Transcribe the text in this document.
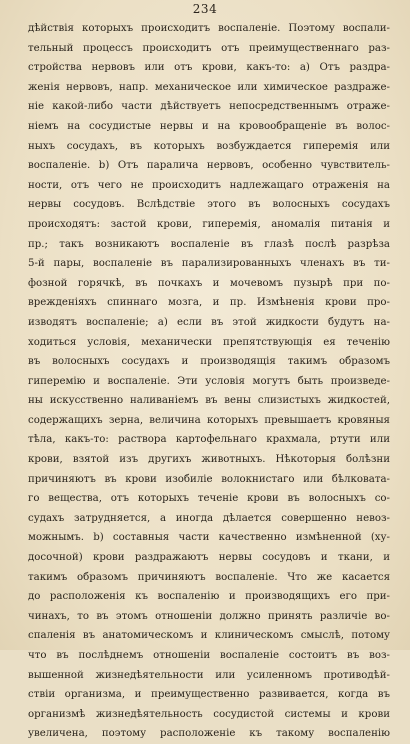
234
дѣйствія которыхъ происходитъ воспаленіе. Поэтому воспали-
тельный процессъ происходитъ отъ преимущественнаго раз-
стройства нервовъ или отъ крови, какъ-то: а) Отъ раздра-
женія нервовъ, напр. механическое или химическое раздраже-
ніе какой-либо части дѣйствуетъ непосредственнымъ отраже-
ніемъ на сосудистые нервы и на кровообращеніе въ волос-
ныхъ сосудахъ, въ которыхъ возбуждается гиперемія или
воспаленіе. b) Отъ паралича нервовъ, особенно чувствитель-
ности, отъ чего не происходитъ надлежащаго отраженія на
нервы сосудовъ. Вслѣдствіе этого въ волосныхъ сосудахъ
происходятъ: застой крови, гиперемія, аномалія питанія и
пр.; такъ возникаютъ воспаленіе въ глазѣ послѣ разрѣза
5-й пары, воспаленіе въ парализированныхъ членахъ въ ти-
фозной горячкѣ, въ почкахъ и мочевомъ пузырѣ при по-
врежденіяхъ спиннаго мозга, и пр. Измѣненія крови про-
изводятъ воспаленіе; а) если въ этой жидкости будутъ на-
ходиться условія, механически препятствующія ея теченію
въ волосныхъ сосудахъ и производящія такимъ образомъ
гиперемію и воспаленіе. Эти условія могутъ быть произведе-
ны искусственно наливаніемъ въ вены слизистыхъ жидкостей,
содержащихъ зерна, величина которыхъ превышаетъ кровяныя
тѣла, какъ-то: раствора картофельнаго крахмала, ртути или
крови, взятой изъ другихъ животныхъ. Нѣкоторыя болѣзни
причиняютъ въ крови изобиліе волокнистаго или бѣлковата-
го вещества, отъ которыхъ теченіе крови въ волосныхъ со-
судахъ затрудняется, а иногда дѣлается совершенно невоз-
можнымъ. b) составныя части качественно измѣненной (ху-
досочной) крови раздражаютъ нервы сосудовъ и ткани, и
такимъ образомъ причиняютъ воспаленіе. Что же касается
до расположенія къ воспаленію и производящихъ его при-
чинахъ, то въ этомъ отношеніи должно принять различіе во-
спаленія въ анатомическомъ и клиническомъ смыслѣ, потому
что въ послѣднемъ отношеніи воспаленіе состоитъ въ воз-
вышенной жизнедѣятельности или усиленномъ противодѣй-
ствіи организма, и преимущественно развивается, когда въ
организмѣ жизнедѣятельность сосудистой системы и крови
увеличена, поэтому расположеніе къ такому воспаленію
